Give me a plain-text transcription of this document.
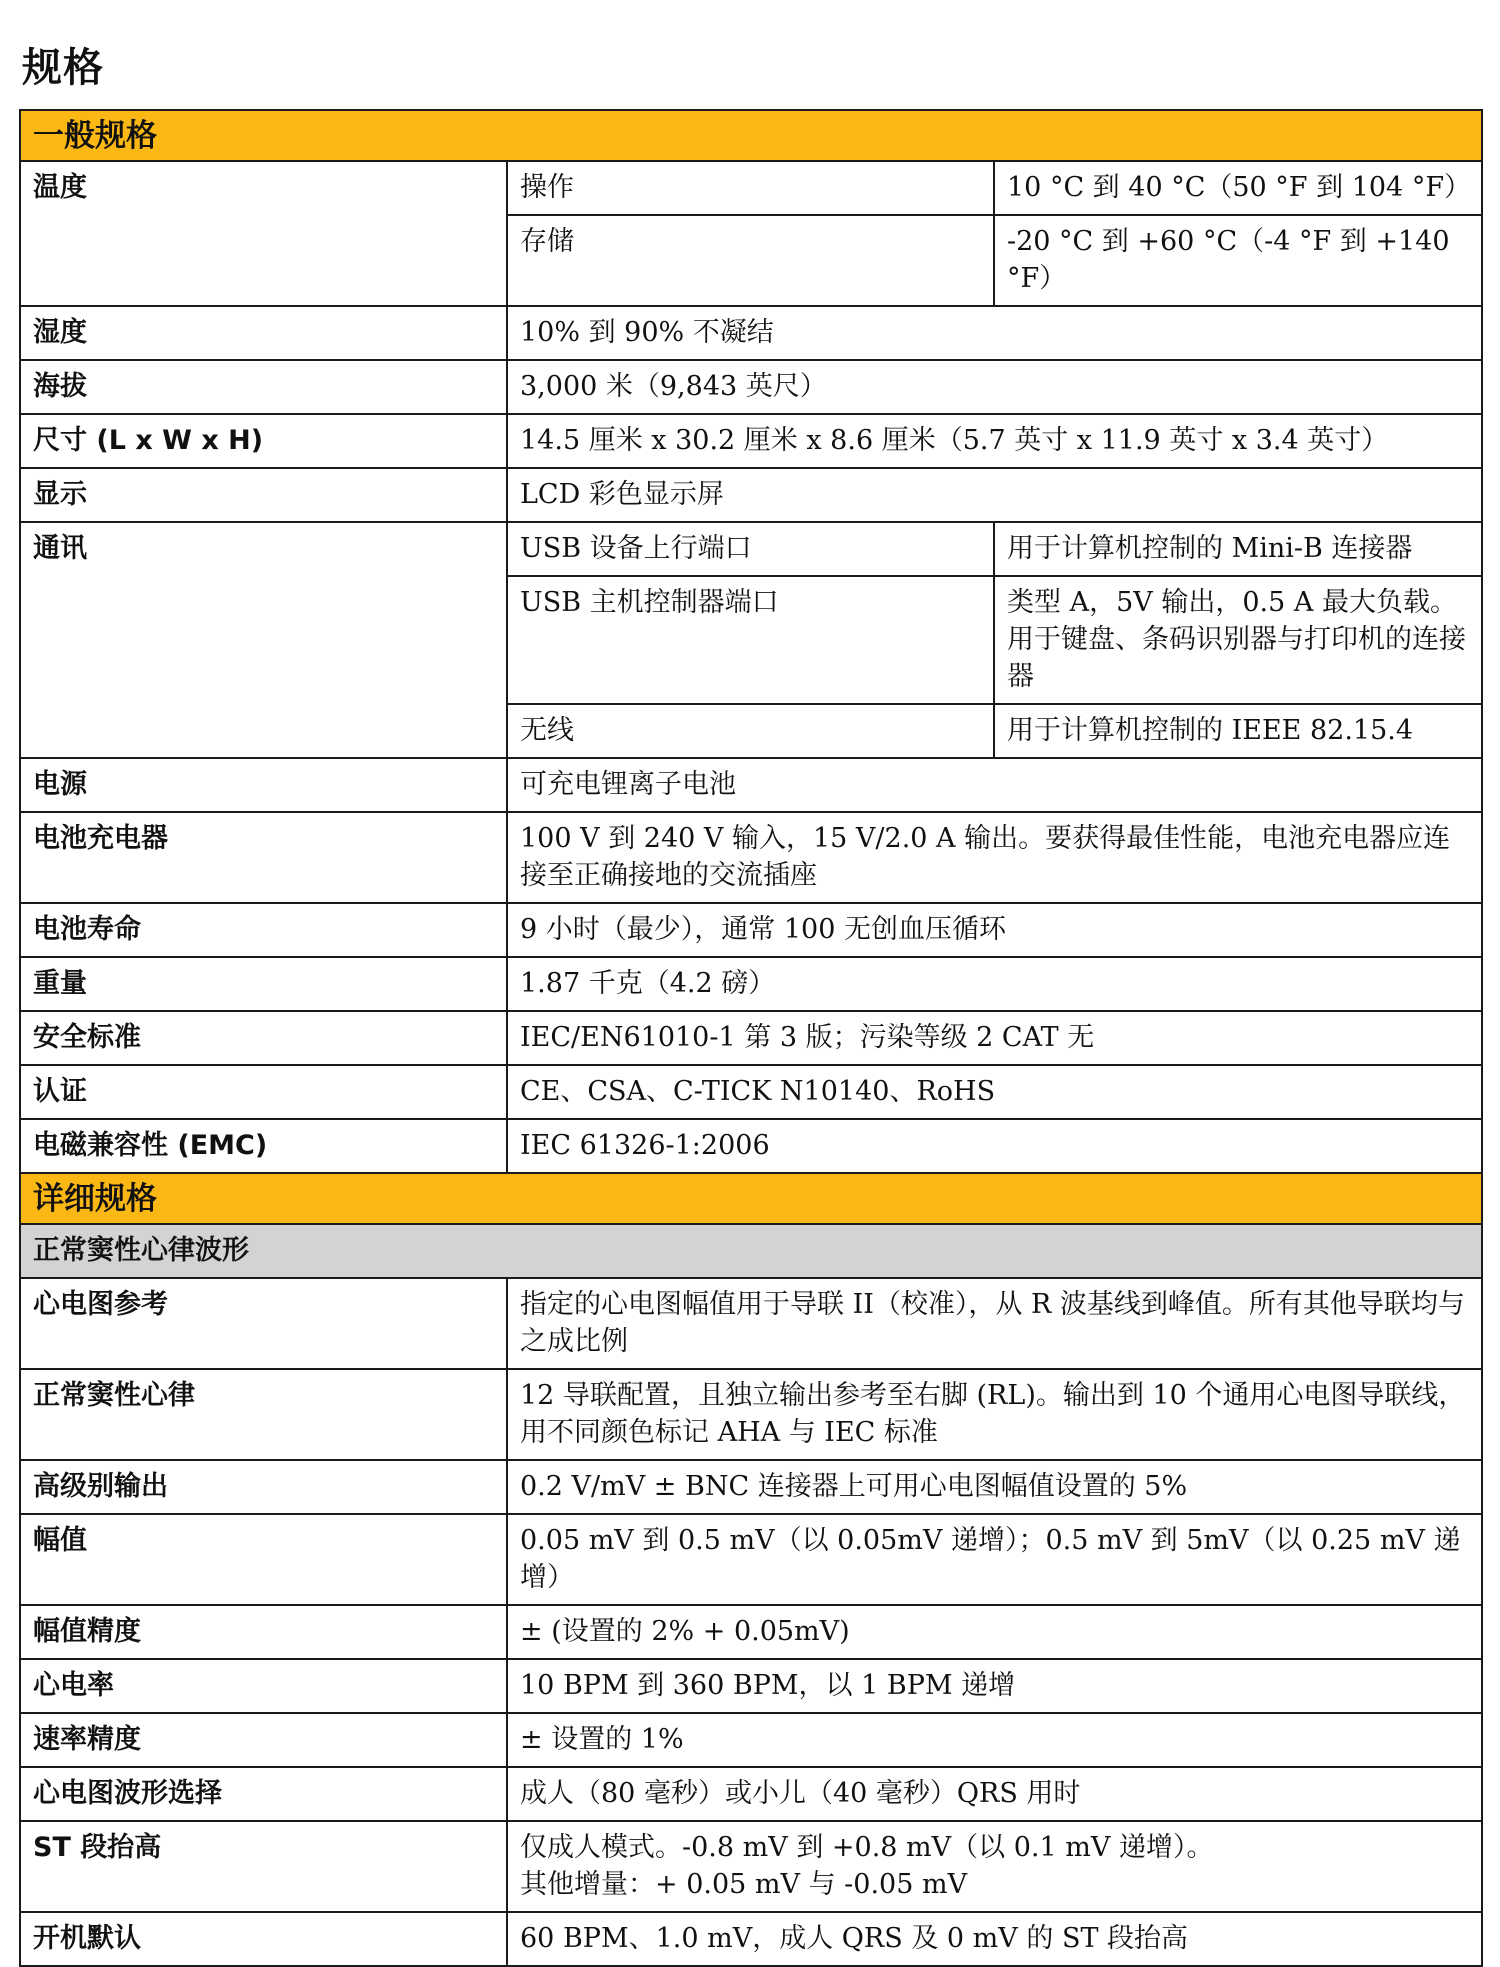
规格
一般规格		
温度	操作	10 °C 到 40 °C（50 °F 到 104 °F）
	存储	-20 °C 到 +60 °C（-4 °F 到 +140 °F）
湿度	10% 到 90% 不凝结	
海拔	3,000 米（9,843 英尺）	
尺寸 (L x W x H)	14.5 厘米 x 30.2 厘米 x 8.6 厘米（5.7 英寸 x 11.9 英寸 x 3.4 英寸）	
显示	LCD 彩色显示屏	
通讯	USB 设备上行端口	用于计算机控制的 Mini-B 连接器
	USB 主机控制器端口	类型 A，5V 输出，0.5 A 最大负载。用于键盘、条码识别器与打印机的连接器
	无线	用于计算机控制的 IEEE 82.15.4
电源	可充电锂离子电池	
电池充电器	100 V 到 240 V 输入，15 V/2.0 A 输出。要获得最佳性能，电池充电器应连接至正确接地的交流插座	
电池寿命	9 小时（最少），通常 100 无创血压循环	
重量	1.87 千克（4.2 磅）	
安全标准	IEC/EN61010-1 第 3 版；污染等级 2 CAT 无	
认证	CE、CSA、C-TICK N10140、RoHS	
电磁兼容性 (EMC)	IEC 61326-1:2006	
详细规格		
正常窦性心律波形		
心电图参考	指定的心电图幅值用于导联 II（校准），从 R 波基线到峰值。所有其他导联均与之成比例	
正常窦性心律	12 导联配置，且独立输出参考至右脚 (RL)。输出到 10 个通用心电图导联线，用不同颜色标记 AHA 与 IEC 标准	
高级别输出	0.2 V/mV ± BNC 连接器上可用心电图幅值设置的 5%	
幅值	0.05 mV 到 0.5 mV（以 0.05mV 递增）；0.5 mV 到 5mV（以 0.25 mV 递增）	
幅值精度	± (设置的 2% + 0.05mV)	
心电率	10 BPM 到 360 BPM，以 1 BPM 递增	
速率精度	± 设置的 1%	
心电图波形选择	成人（80 毫秒）或小儿（40 毫秒）QRS 用时	
ST 段抬高	仅成人模式。-0.8 mV 到 +0.8 mV（以 0.1 mV 递增）。
其他增量：+ 0.05 mV 与 -0.05 mV	

开机默认	60 BPM、1.0 mV，成人 QRS 及 0 mV 的 ST 段抬高	
